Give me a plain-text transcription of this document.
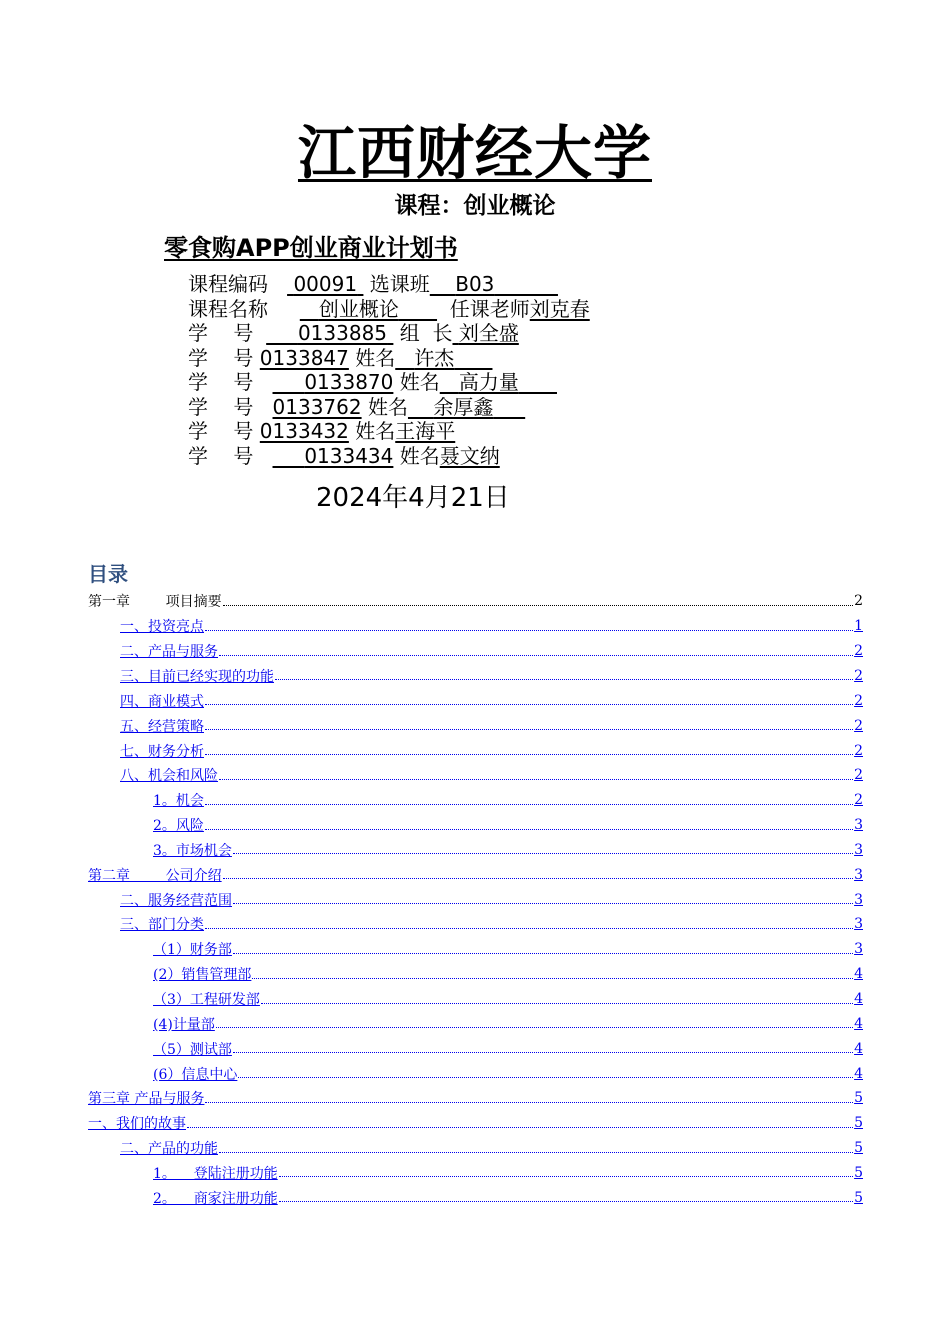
江西财经大学
课程：创业概论
零食购APP创业商业计划书
课程编码 00091 选课班 B03
课程名称	创业概论	任课老师刘克春
学    号 0133885 组  长 刘全盛
学    号 0133847 姓名 许杰
学    号	0133870 姓名 高力量
学    号 0133762 姓名 余厚鑫
学    号 0133432 姓名王海平
学    号	0133434 姓名聂文纳
2024年4月21日
目录
第一章        项目摘要	2
一、投资亮点	1
二、产品与服务	2
三、目前已经实现的功能	2
四、商业模式	2
五、经营策略	2
七、财务分析	2
八、机会和风险	2
1。机会	2
2。风险	3
3。市场机会	3
第二章        公司介绍	3
二、服务经营范围	3
三、部门分类	3
（1）财务部	3
(2）销售管理部	4
（3）工程研发部	4
(4)计量部	4
（5）测试部	4
(6）信息中心	4
第三章 产品与服务	5
一、我们的故事	5
二、产品的功能	5
1。    登陆注册功能	5
2。    商家注册功能	5
